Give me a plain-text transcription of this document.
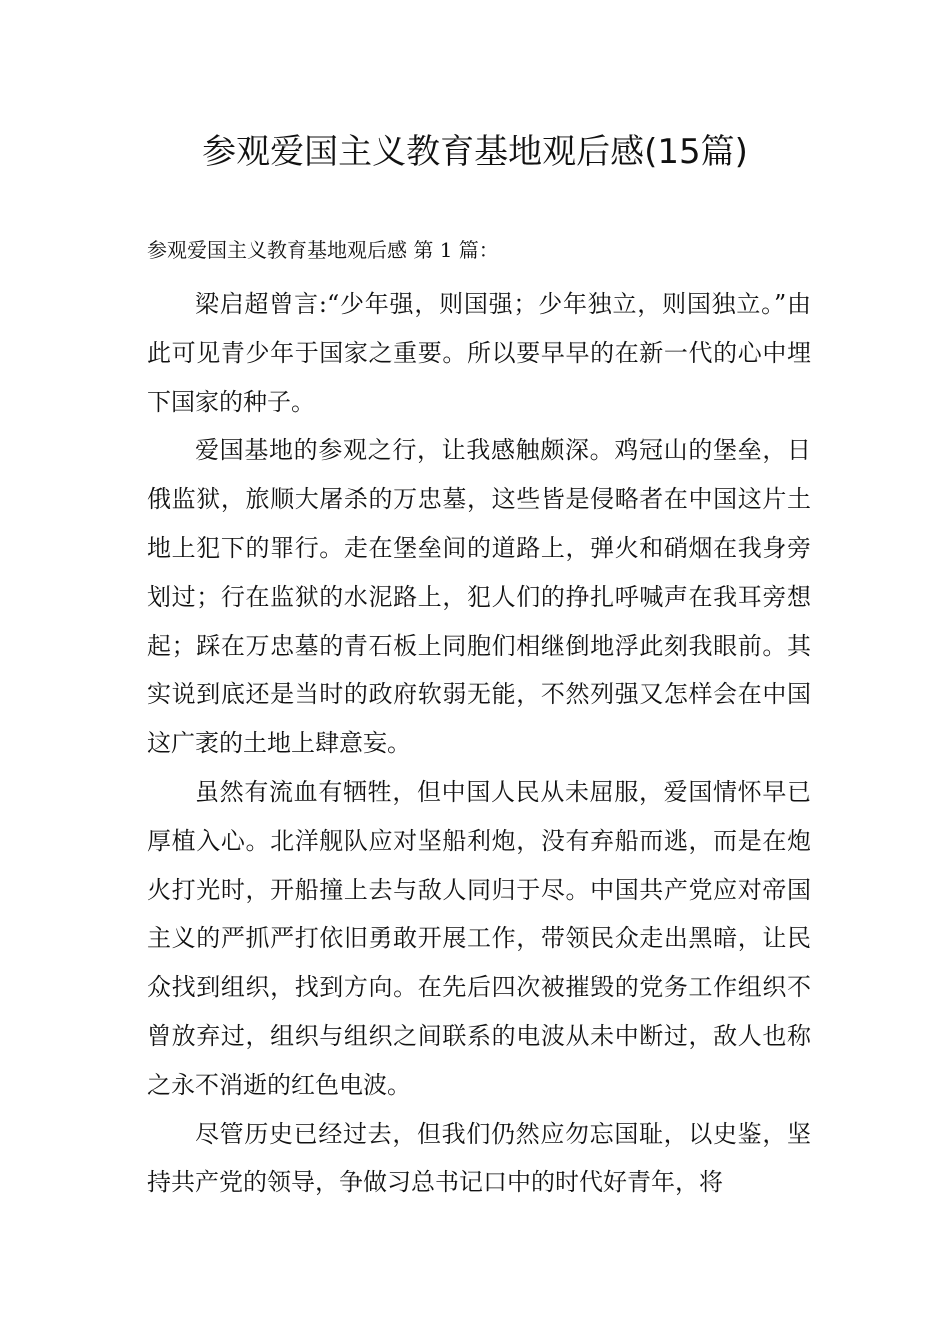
参观爱国主义教育基地观后感(15篇)

参观爱国主义教育基地观后感 第 1 篇：

梁启超曾言:“少年强，则国强；少年独立，则国独立。”由此可见青少年于国家之重要。所以要早早的在新一代的心中埋下国家的种子。

爱国基地的参观之行，让我感触颇深。鸡冠山的堡垒，日俄监狱，旅顺大屠杀的万忠墓，这些皆是侵略者在中国这片土地上犯下的罪行。走在堡垒间的道路上，弹火和硝烟在我身旁划过；行在监狱的水泥路上，犯人们的挣扎呼喊声在我耳旁想起；踩在万忠墓的青石板上同胞们相继倒地浮此刻我眼前。其实说到底还是当时的政府软弱无能，不然列强又怎样会在中国这广袤的土地上肆意妄。

虽然有流血有牺牲，但中国人民从未屈服，爱国情怀早已厚植入心。北洋舰队应对坚船利炮，没有弃船而逃，而是在炮火打光时，开船撞上去与敌人同归于尽。中国共产党应对帝国主义的严抓严打依旧勇敢开展工作，带领民众走出黑暗，让民众找到组织，找到方向。在先后四次被摧毁的党务工作组织不曾放弃过，组织与组织之间联系的电波从未中断过，敌人也称之永不消逝的红色电波。

尽管历史已经过去，但我们仍然应勿忘国耻，以史鉴，坚持共产党的领导，争做习总书记口中的时代好青年，将
